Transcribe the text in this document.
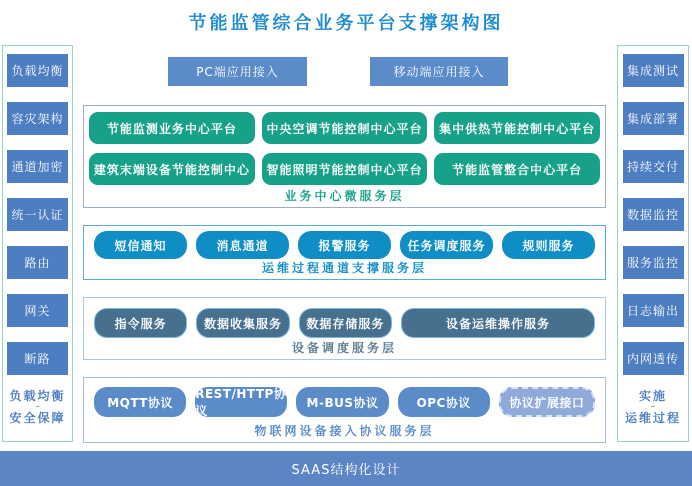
节能监管综合业务平台支撑架构图
负载均衡
容灾架构
通道加密
统一认证
路由
网关
断路
负载均衡
–
安全保障
集成测试
集成部署
持续交付
数据监控
服务监控
日志输出
内网透传
实施
–
运维过程
PC端应用接入	移动端应用接入
节能监测业务中心平台	中央空调节能控制中心平台	集中供热节能控制中心平台
建筑末端设备节能控制中心	智能照明节能控制中心平台	节能监管整合中心平台
业务中心微服务层
短信通知	消息通道	报警服务	任务调度服务	规则服务
运维过程通道支撑服务层
指令服务	数据收集服务	数据存储服务	设备运维操作服务
设备调度服务层
MQTT协议
REST/HTTP协议
M-BUS协议	OPC协议	协议扩展接口
物联网设备接入协议服务层
SAAS结构化设计
